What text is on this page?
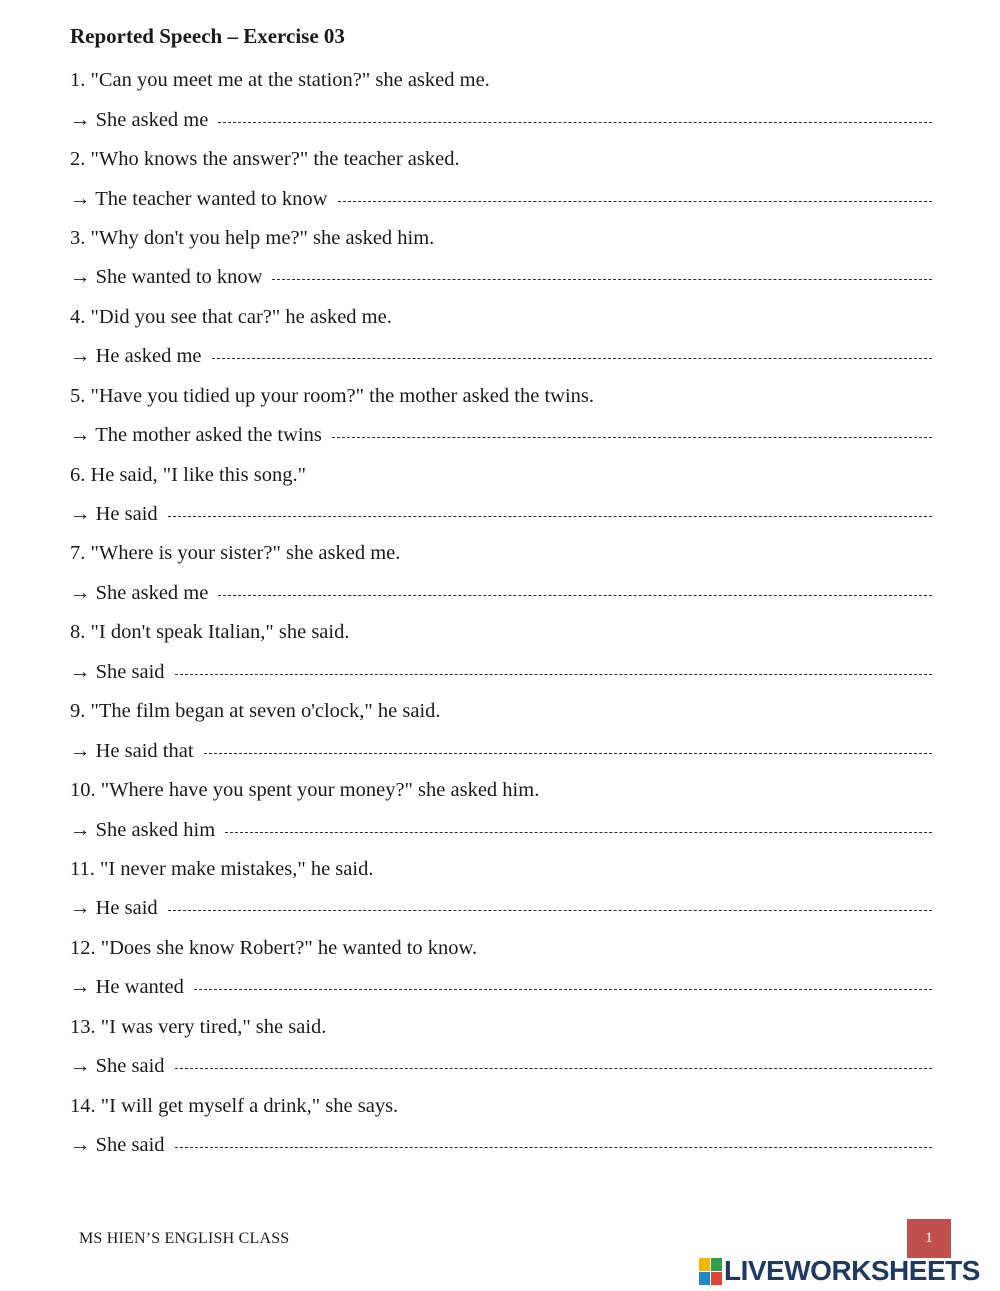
Reported Speech – Exercise 03
1. "Can you meet me at the station?" she asked me.
→ She asked me
2. "Who knows the answer?" the teacher asked.
→ The teacher wanted to know
3. "Why don't you help me?" she asked him.
→ She wanted to know
4. "Did you see that car?" he asked me.
→ He asked me
5. "Have you tidied up your room?" the mother asked the twins.
→ The mother asked the twins
6. He said, "I like this song."
→ He said
7. "Where is your sister?" she asked me.
→ She asked me
8. "I don't speak Italian," she said.
→ She said
9. "The film began at seven o'clock," he said.
→ He said that
10. "Where have you spent your money?" she asked him.
→ She asked him
11. "I never make mistakes," he said.
→ He said
12. "Does she know Robert?" he wanted to know.
→ He wanted
13. "I was very tired," she said.
→ She said
14. "I will get myself a drink," she says.
→ She said
MS HIEN’S ENGLISH CLASS	1
LIVEWORKSHEETS
